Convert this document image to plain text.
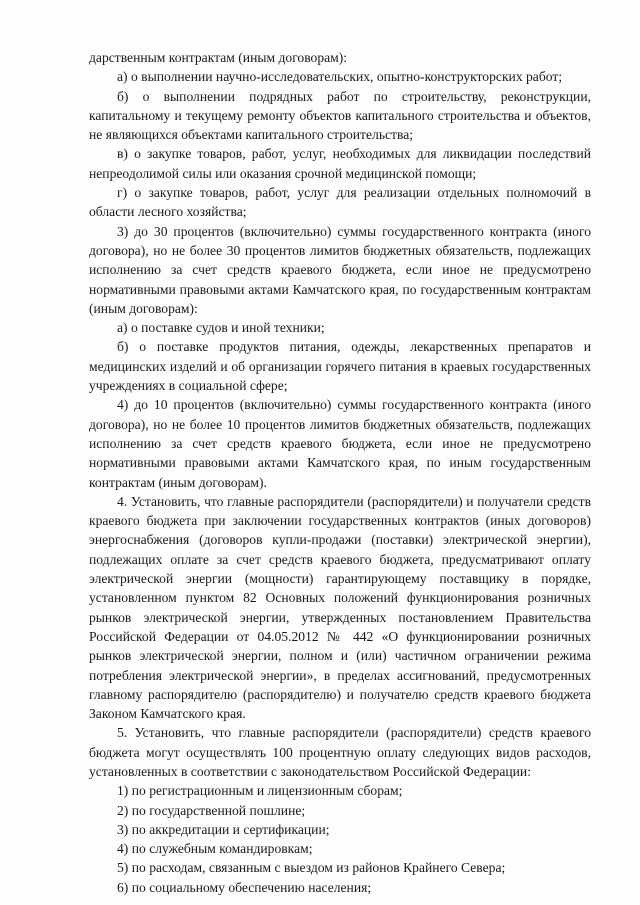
дарственным контрактам (иным договорам):

а) о выполнении научно-исследовательских, опытно-конструкторских работ;

б) о выполнении подрядных работ по строительству, реконструкции, капитальному и текущему ремонту объектов капитального строительства и объектов, не являющихся объектами капитального строительства;

в) о закупке товаров, работ, услуг, необходимых для ликвидации последствий непреодолимой силы или оказания срочной медицинской помощи;

г) о закупке товаров, работ, услуг для реализации отдельных полномочий в области лесного хозяйства;

3) до 30 процентов (включительно) суммы государственного контракта (иного договора), но не более 30 процентов лимитов бюджетных обязательств, подлежащих исполнению за счет средств краевого бюджета, если иное не предусмотрено нормативными правовыми актами Камчатского края, по государственным контрактам (иным договорам):

а) о поставке судов и иной техники;

б) о поставке продуктов питания, одежды, лекарственных препаратов и медицинских изделий и об организации горячего питания в краевых государственных учреждениях в социальной сфере;

4) до 10 процентов (включительно) суммы государственного контракта (иного договора), но не более 10 процентов лимитов бюджетных обязательств, подлежащих исполнению за счет средств краевого бюджета, если иное не предусмотрено нормативными правовыми актами Камчатского края, по иным государственным контрактам (иным договорам).

4. Установить, что главные распорядители (распорядители) и получатели средств краевого бюджета при заключении государственных контрактов (иных договоров) энергоснабжения (договоров купли-продажи (поставки) электрической энергии), подлежащих оплате за счет средств краевого бюджета, предусматривают оплату электрической энергии (мощности) гарантирующему поставщику в порядке, установленном пунктом 82 Основных положений функционирования розничных рынков электрической энергии, утвержденных постановлением Правительства Российской Федерации от 04.05.2012 № 442 «О функционировании розничных рынков электрической энергии, полном и (или) частичном ограничении режима потребления электрической энергии», в пределах ассигнований, предусмотренных главному распорядителю (распорядителю) и получателю средств краевого бюджета Законом Камчатского края.

5. Установить, что главные распорядители (распорядители) средств краевого бюджета могут осуществлять 100 процентную оплату следующих видов расходов, установленных в соответствии с законодательством Российской Федерации:

1) по регистрационным и лицензионным сборам;

2) по государственной пошлине;

3) по аккредитации и сертификации;

4) по служебным командировкам;

5) по расходам, связанным с выездом из районов Крайнего Севера;

6) по социальному обеспечению населения;
